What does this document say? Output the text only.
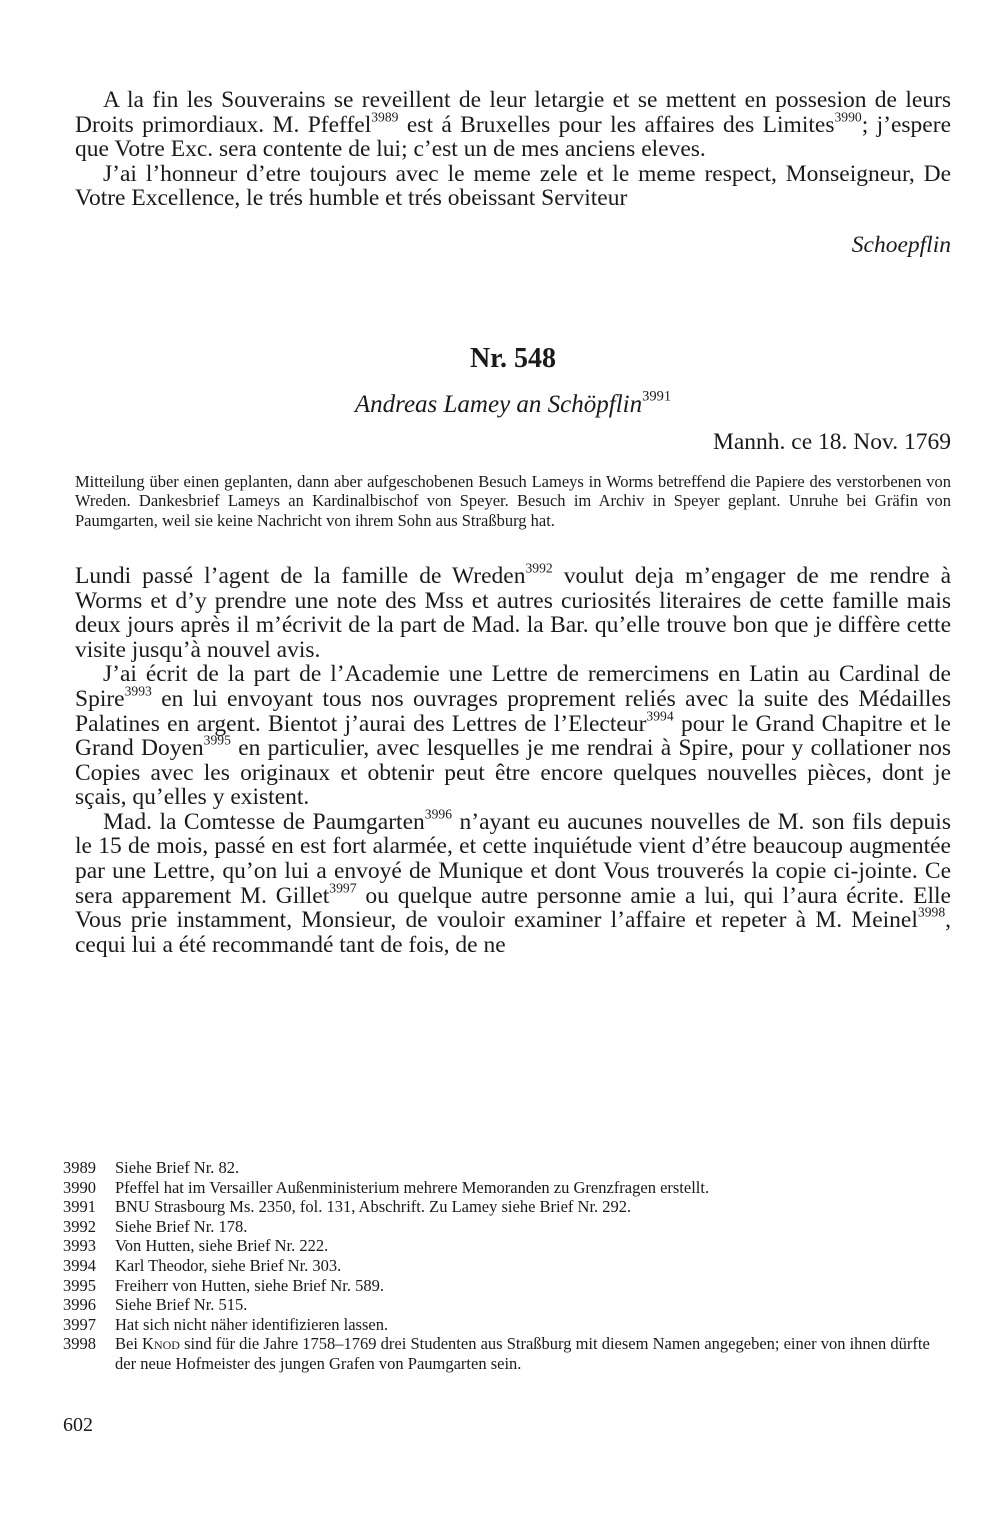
A la fin les Souverains se reveillent de leur letargie et se mettent en possesion de leurs Droits primordiaux. M. Pfeffel$^{3989}$ est á Bruxelles pour les affaires des Limites$^{3990}$; j’espere que Votre Exc. sera contente de lui; c’est un de mes anciens eleves.

J’ai l’honneur d’etre toujours avec le meme zele et le meme respect, Monseigneur, De Votre Excellence, le trés humble et trés obeissant Serviteur

Schoepflin

Nr. 548
Andreas Lamey an Schöpflin$^{3991}$
Mannh. ce 18. Nov. 1769

Mitteilung über einen geplanten, dann aber aufgeschobenen Besuch Lameys in Worms betreffend die Papiere des verstorbenen von Wreden. Dankesbrief Lameys an Kardinalbischof von Speyer. Besuch im Archiv in Speyer geplant. Unruhe bei Gräfin von Paumgarten, weil sie keine Nachricht von ihrem Sohn aus Straßburg hat.

Lundi passé l’agent de la famille de Wreden$^{3992}$ voulut deja m’engager de me rendre à Worms et d’y prendre une note des Mss et autres curiosités literaires de cette famille mais deux jours après il m’écrivit de la part de Mad. la Bar. qu’elle trouve bon que je diffère cette visite jusqu’à nouvel avis.

J’ai écrit de la part de l’Academie une Lettre de remercimens en Latin au Cardinal de Spire$^{3993}$ en lui envoyant tous nos ouvrages proprement reliés avec la suite des Médailles Palatines en argent. Bientot j’aurai des Lettres de l’Electeur$^{3994}$ pour le Grand Chapitre et le Grand Doyen$^{3995}$ en particulier, avec lesquelles je me rendrai à Spire, pour y collationer nos Copies avec les originaux et obtenir peut être encore quelques nouvelles pièces, dont je sçais, qu’elles y existent.

Mad. la Comtesse de Paumgarten$^{3996}$ n’ayant eu aucunes nouvelles de M. son fils depuis le 15 de mois, passé en est fort alarmée, et cette inquiétude vient d’étre beaucoup augmentée par une Lettre, qu’on lui a envoyé de Munique et dont Vous trouverés la copie ci-jointe. Ce sera apparement M. Gillet$^{3997}$ ou quelque autre personne amie a lui, qui l’aura écrite. Elle Vous prie instamment, Monsieur, de vouloir examiner l’affaire et repeter à M. Meinel$^{3998}$, cequi lui a été recommandé tant de fois, de ne

3989	Siehe Brief Nr. 82.
3990	Pfeffel hat im Versailler Außenministerium mehrere Memoranden zu Grenzfragen erstellt.
3991	BNU Strasbourg Ms. 2350, fol. 131, Abschrift. Zu Lamey siehe Brief Nr. 292.
3992	Siehe Brief Nr. 178.
3993	Von Hutten, siehe Brief Nr. 222.
3994	Karl Theodor, siehe Brief Nr. 303.
3995	Freiherr von Hutten, siehe Brief Nr. 589.
3996	Siehe Brief Nr. 515.
3997	Hat sich nicht näher identifizieren lassen.
3998	Bei Knod sind für die Jahre 1758–1769 drei Studenten aus Straßburg mit diesem Namen angegeben; einer von ihnen dürfte der neue Hofmeister des jungen Grafen von Paumgarten sein.
602
